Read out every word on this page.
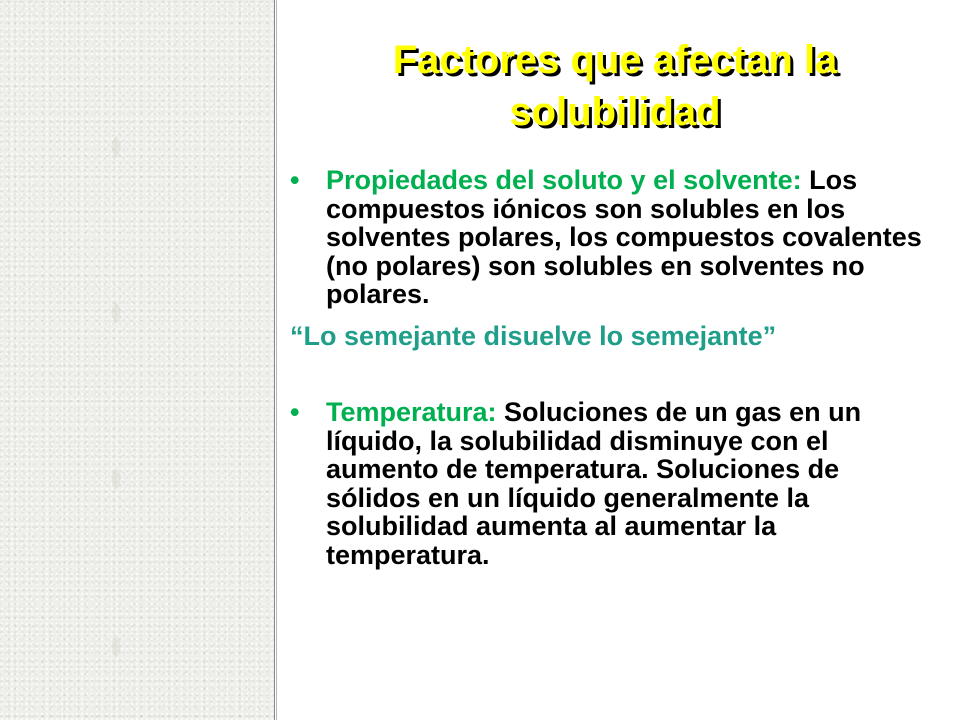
Factores que afectan la solubilidad
• Propiedades del soluto y el solvente: Los compuestos iónicos son solubles en los solventes polares, los compuestos covalentes (no polares) son solubles en solventes no polares.
“Lo semejante disuelve lo semejante”
• Temperatura: Soluciones de un gas en un líquido, la solubilidad disminuye con el aumento de temperatura. Soluciones de sólidos en un líquido generalmente la solubilidad aumenta al aumentar la temperatura.
